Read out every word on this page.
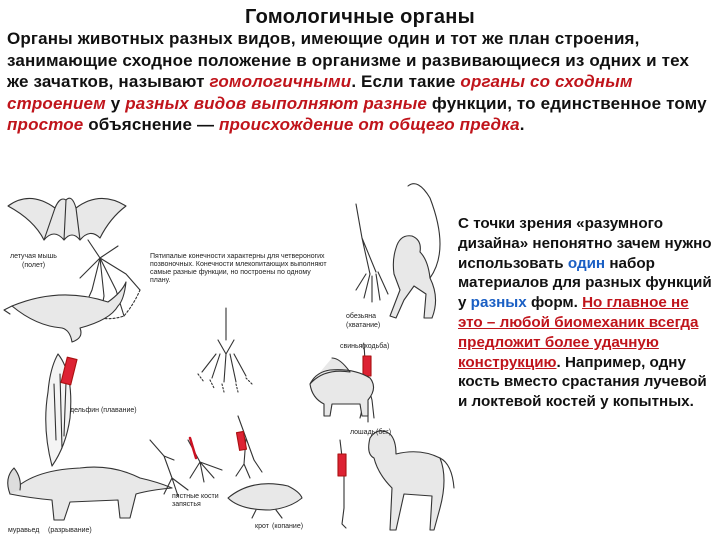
Гомологичные органы
Органы животных разных видов, имеющие один и тот же план строения, занимающие сходное положение в организме и развивающиеся из одних и тех же зачатков, называют гомологичными. Если такие органы со сходным строением у разных видов выполняют разные функции, то единственное тому простое объяснение — происхождение от общего предка.
летучая мышь
(полет)
дельфин (плавание)
муравьед (разрывание)
крот (копание)
Пятипалые конечности характерны для четвероногих
позвоночных. Конечности млекопитающих выполняют
самые разные функции, но построены по одному
плану.
пястные кости
запястья
обезьяна
(хватание)
свинья (ходьба)
лошадь (бег)
С точки зрения «разумного дизайна» непонятно зачем нужно использовать один набор материалов для разных функций у разных форм. Но главное не это – любой биомеханик всегда предложит более удачную конструкцию. Например, одну кость вместо срастания лучевой и локтевой костей у копытных.
